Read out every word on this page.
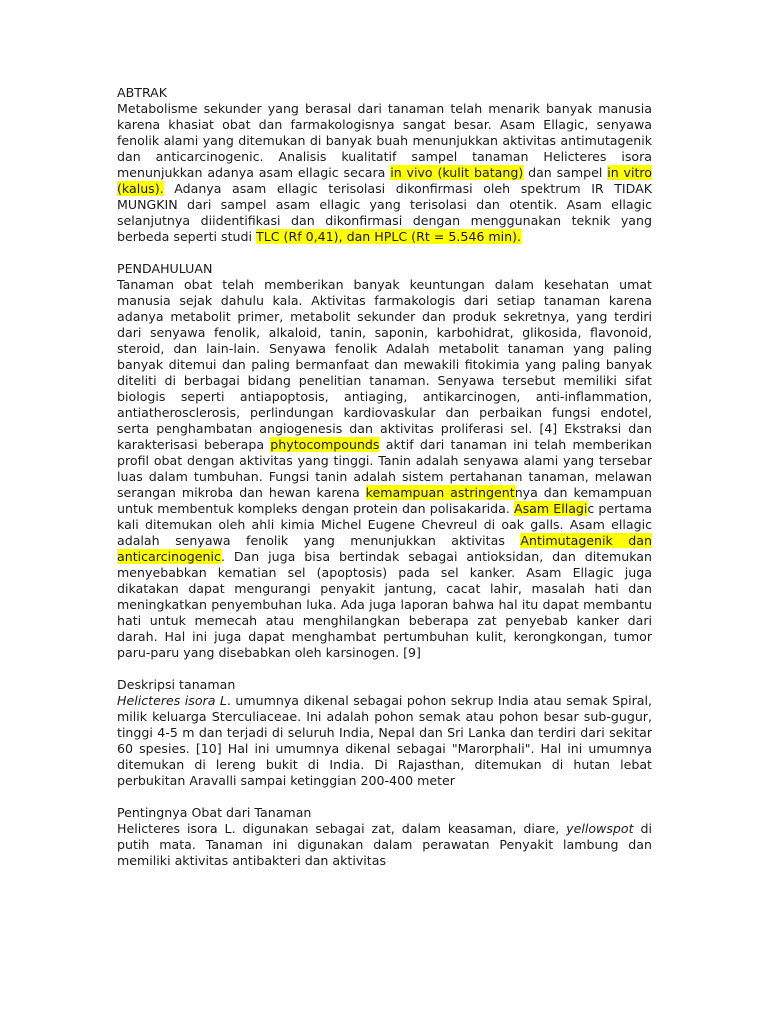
ABTRAK

Metabolisme sekunder yang berasal dari tanaman telah menarik banyak manusia karena khasiat obat dan farmakologisnya sangat besar. Asam Ellagic, senyawa fenolik alami yang ditemukan di banyak buah menunjukkan aktivitas antimutagenik dan anticarcinogenic. Analisis kualitatif sampel tanaman Helicteres isora menunjukkan adanya asam ellagic secara in vivo (kulit batang) dan sampel in vitro (kalus). Adanya asam ellagic terisolasi dikonfirmasi oleh spektrum IR TIDAK MUNGKIN dari sampel asam ellagic yang terisolasi dan otentik. Asam ellagic selanjutnya diidentifikasi dan dikonfirmasi dengan menggunakan teknik yang berbeda seperti studi TLC (Rf 0,41), dan HPLC (Rt = 5.546 min).

PENDAHULUAN

Tanaman obat telah memberikan banyak keuntungan dalam kesehatan umat manusia sejak dahulu kala. Aktivitas farmakologis dari setiap tanaman karena adanya metabolit primer, metabolit sekunder dan produk sekretnya, yang terdiri dari senyawa fenolik, alkaloid, tanin, saponin, karbohidrat, glikosida, flavonoid, steroid, dan lain-lain. Senyawa fenolik Adalah metabolit tanaman yang paling banyak ditemui dan paling bermanfaat dan mewakili fitokimia yang paling banyak diteliti di berbagai bidang penelitian tanaman. Senyawa tersebut memiliki sifat biologis seperti antiapoptosis, antiaging, antikarcinogen, anti-inflammation, antiatherosclerosis, perlindungan kardiovaskular dan perbaikan fungsi endotel, serta penghambatan angiogenesis dan aktivitas proliferasi sel. [4] Ekstraksi dan karakterisasi beberapa phytocompounds aktif dari tanaman ini telah memberikan profil obat dengan aktivitas yang tinggi. Tanin adalah senyawa alami yang tersebar luas dalam tumbuhan. Fungsi tanin adalah sistem pertahanan tanaman, melawan serangan mikroba dan hewan karena kemampuan astringentnya dan kemampuan untuk membentuk kompleks dengan protein dan polisakarida. Asam Ellagic pertama kali ditemukan oleh ahli kimia Michel Eugene Chevreul di oak galls. Asam ellagic adalah senyawa fenolik yang menunjukkan aktivitas Antimutagenik dan anticarcinogenic. Dan juga bisa bertindak sebagai antioksidan, dan ditemukan menyebabkan kematian sel (apoptosis) pada sel kanker. Asam Ellagic juga dikatakan dapat mengurangi penyakit jantung, cacat lahir, masalah hati dan meningkatkan penyembuhan luka. Ada juga laporan bahwa hal itu dapat membantu hati untuk memecah atau menghilangkan beberapa zat penyebab kanker dari darah. Hal ini juga dapat menghambat pertumbuhan kulit, kerongkongan, tumor paru-paru yang disebabkan oleh karsinogen. [9]

Deskripsi tanaman

Helicteres isora L. umumnya dikenal sebagai pohon sekrup India atau semak Spiral, milik keluarga Sterculiaceae. Ini adalah pohon semak atau pohon besar sub-gugur, tinggi 4-5 m dan terjadi di seluruh India, Nepal dan Sri Lanka dan terdiri dari sekitar 60 spesies. [10] Hal ini umumnya dikenal sebagai "Marorphali". Hal ini umumnya ditemukan di lereng bukit di India. Di Rajasthan, ditemukan di hutan lebat perbukitan Aravalli sampai ketinggian 200-400 meter

Pentingnya Obat dari Tanaman

Helicteres isora L. digunakan sebagai zat, dalam keasaman, diare, yellowspot di putih mata. Tanaman ini digunakan dalam perawatan Penyakit lambung dan memiliki aktivitas antibakteri dan aktivitas
